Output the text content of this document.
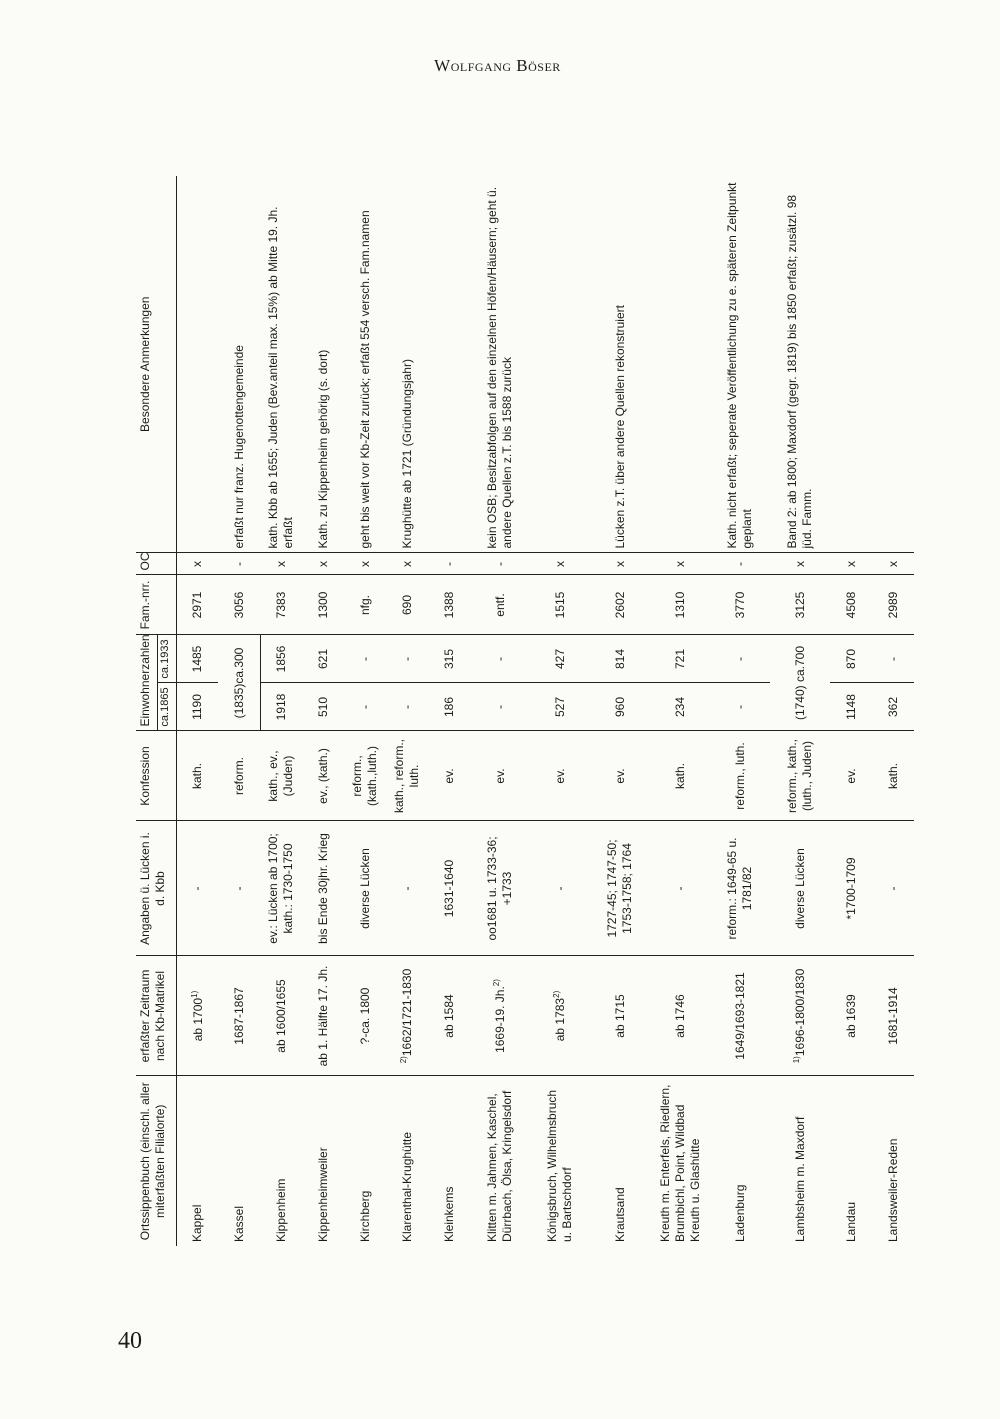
Wolfgang Böser
40
Ortssippenbuch (einschl. aller miterfaßten Filialorte)	erfaßter Zeitraum nach Kb-Matrikel	Angaben ü. Lücken i. d. Kbb	Konfession	Einwohnerzahlen		Fam.-nrr.	OC	Besondere Anmerkungen
				ca.1865	ca.1933			
Kappel	ab 1700$^{1)}$	-	kath.	1190	1485	2971	x	
Kassel	1687-1867	-	reform.	(1835)ca.300		3056	-	erfaßt nur franz. Hugenottengemeinde
Kippenheim	ab 1600/1655	ev.: Lücken ab 1700; kath.: 1730-1750	kath., ev., (Juden)	1918	1856	7383	x	kath. Kbb ab 1655; Juden (Bev.anteil max. 15%) ab Mitte 19. Jh. erfaßt
Kippenheimweiler	ab 1. Hälfte 17. Jh.	bis Ende 30jhr. Krieg	ev., (kath.)	510	621	1300	x	Kath. zu Kippenheim gehörig (s. dort)
Kirchberg	?-ca. 1800	diverse Lücken	reform., (kath.,luth.)	-	-	nfg.	x	geht bis weit vor Kb-Zeit zurück; erfaßt 554 versch. Fam.namen
Klarenthal-Krughütte	$^{2)}$1662/1721-1830	-	kath., reform., luth.	-	-	690	x	Krughütte ab 1721 (Gründungsjahr)
Kleinkems	ab 1584	1631-1640	ev.	186	315	1388	-	
Klitten m. Jahmen, Kaschel, Dürrbach, Ölsa, Kringelsdorf	1669-19. Jh.$^{2)}$	oo1681 u. 1733-36; +1733	ev.	-	-	entf.	-	kein OSB; Besitzabfolgen auf den einzelnen Höfen/Häusern; geht ü. andere Quellen z.T. bis 1588 zurück
Königsbruch, Wilhelmsbruch u. Bartschdorf	ab 1783$^{2)}$	-	ev.	527	427	1515	x	
Krautsand	ab 1715	1727-45; 1747-50; 1753-1758; 1764	ev.	960	814	2602	x	Lücken z.T. über andere Quellen rekonstruiert
Kreuth m. Enterfels, Riedlern, Brumbichl, Point, Wildbad Kreuth u. Glashütte	ab 1746	-	kath.	234	721	1310	x	
Ladenburg	1649/1693-1821	reform.: 1649-65 u. 1781/82	reform., luth.	-	-	3770	-	Kath. nicht erfaßt; seperate Veröffentlichung zu e. späteren Zeitpunkt geplant
Lambsheim m. Maxdorf	$^{1)}$1696-1800/1830	diverse Lücken	reform., kath., (luth., Juden)	(1740) ca.700		3125	x	Band 2: ab 1800; Maxdorf (gegr. 1819) bis 1850 erfaßt; zusätzl. 98 jüd. Famm.
Landau	ab 1639	*1700-1709	ev.	1148	870	4508	x	
Landsweiler-Reden	1681-1914	-	kath.	362	-	2989	x	
